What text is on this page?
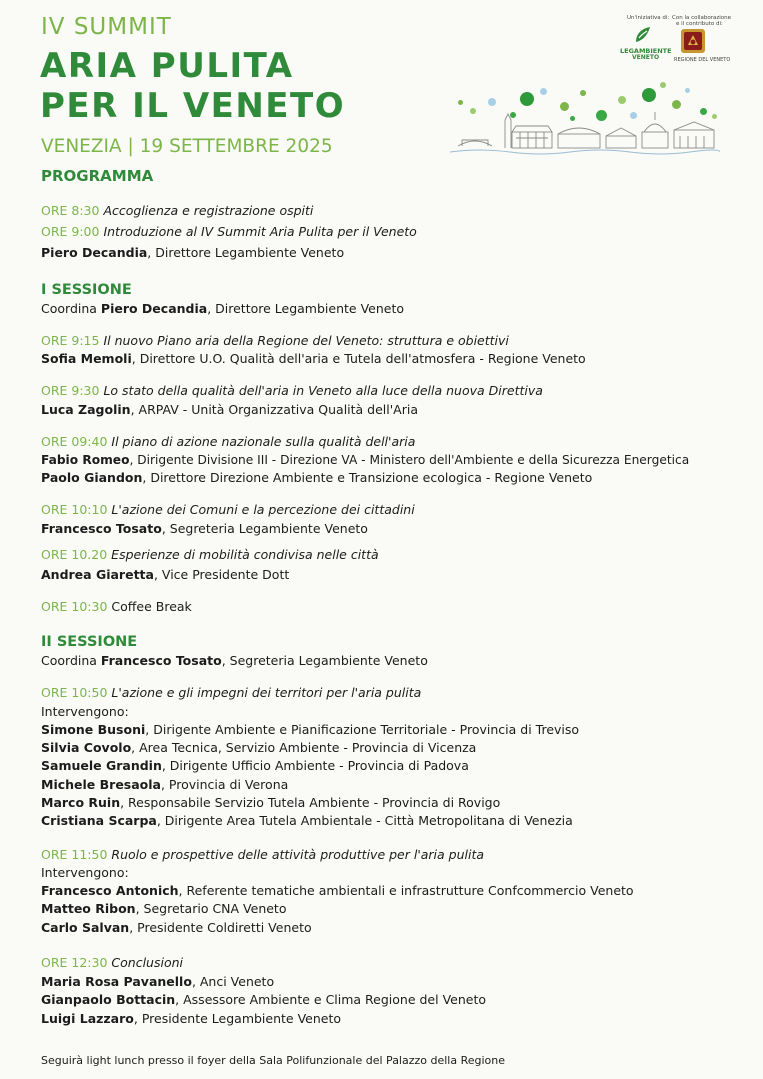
IV SUMMIT
ARIA PULITA
PER IL VENETO
VENEZIA | 19 SETTEMBRE 2025
PROGRAMMA
Un'iniziativa di:
LEGAMBIENTE
VENETO
Con la collaborazione
e il contributo di:
REGIONE DEL VENETO
ORE 8:30 Accoglienza e registrazione ospiti
ORE 9:00 Introduzione al IV Summit Aria Pulita per il Veneto
Piero Decandia, Direttore Legambiente Veneto
I SESSIONE
Coordina Piero Decandia, Direttore Legambiente Veneto
ORE 9:15 Il nuovo Piano aria della Regione del Veneto: struttura e obiettivi
Sofia Memoli, Direttore U.O. Qualità dell'aria e Tutela dell'atmosfera - Regione Veneto
ORE 9:30 Lo stato della qualità dell'aria in Veneto alla luce della nuova Direttiva
Luca Zagolin, ARPAV - Unità Organizzativa Qualità dell'Aria
ORE 09:40 Il piano di azione nazionale sulla qualità dell'aria
Fabio Romeo, Dirigente Divisione III - Direzione VA - Ministero dell'Ambiente e della Sicurezza Energetica
Paolo Giandon, Direttore Direzione Ambiente e Transizione ecologica - Regione Veneto
ORE 10:10 L'azione dei Comuni e la percezione dei cittadini
Francesco Tosato, Segreteria Legambiente Veneto
ORE 10.20 Esperienze di mobilità condivisa nelle città
Andrea Giaretta, Vice Presidente Dott
ORE 10:30 Coffee Break
II SESSIONE
Coordina Francesco Tosato, Segreteria Legambiente Veneto
ORE 10:50 L'azione e gli impegni dei territori per l'aria pulita
Intervengono:
Simone Busoni, Dirigente Ambiente e Pianificazione Territoriale - Provincia di Treviso
Silvia Covolo, Area Tecnica, Servizio Ambiente - Provincia di Vicenza
Samuele Grandin, Dirigente Ufficio Ambiente - Provincia di Padova
Michele Bresaola, Provincia di Verona
Marco Ruin, Responsabile Servizio Tutela Ambiente - Provincia di Rovigo
Cristiana Scarpa, Dirigente Area Tutela Ambientale - Città Metropolitana di Venezia
ORE 11:50 Ruolo e prospettive delle attività produttive per l'aria pulita
Intervengono:
Francesco Antonich, Referente tematiche ambientali e infrastrutture Confcommercio Veneto
Matteo Ribon, Segretario CNA Veneto
Carlo Salvan, Presidente Coldiretti Veneto
ORE 12:30 Conclusioni
Maria Rosa Pavanello, Anci Veneto
Gianpaolo Bottacin, Assessore Ambiente e Clima Regione del Veneto
Luigi Lazzaro, Presidente Legambiente Veneto
Seguirà light lunch presso il foyer della Sala Polifunzionale del Palazzo della Regione
